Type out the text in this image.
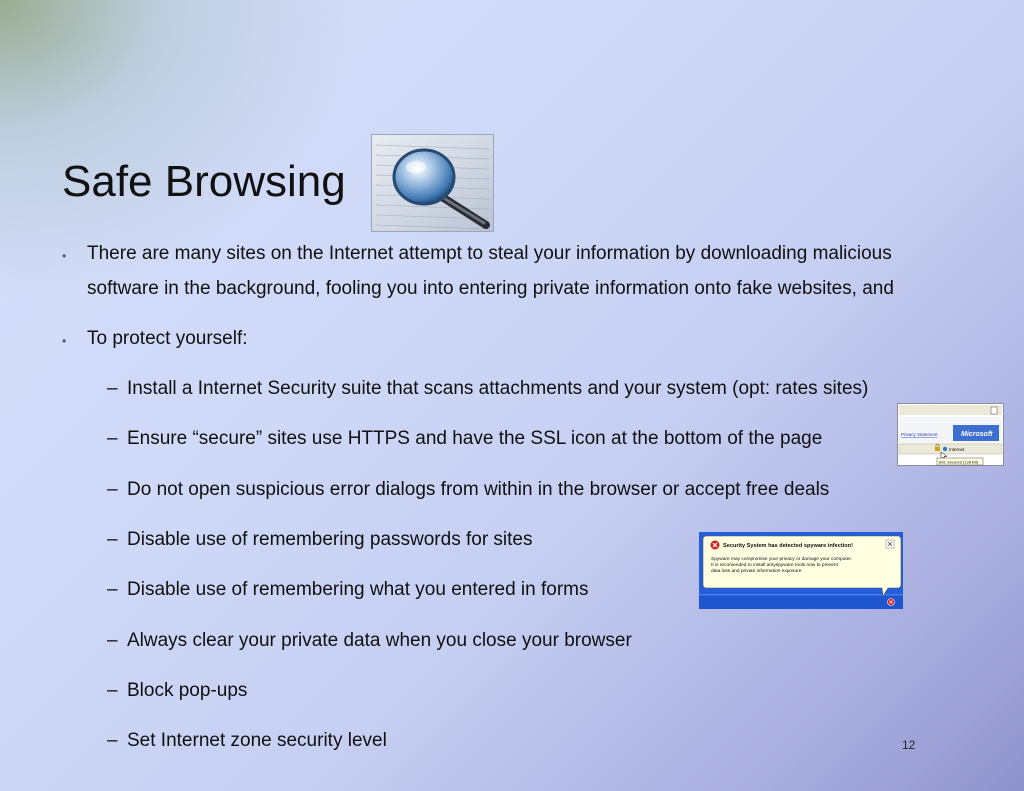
Safe Browsing
• There are many sites on the Internet attempt to steal your information by downloading malicious
software in the background, fooling you into entering private information onto fake websites, and
• To protect yourself:
– Install a Internet Security suite that scans attachments and your system (opt: rates sites)
– Ensure “secure” sites use HTTPS and have the SSL icon at the bottom of the page
– Do not open suspicious error dialogs from within in the browser or accept free deals
– Disable use of remembering passwords for sites
– Disable use of remembering what you entered in forms
– Always clear your private data when you close your browser
– Block pop-ups
– Set Internet zone security level
Privacy Statement	Microsoft
Internet
SSL Secured (128 Bit)
Security System has detected spyware infection!
Spyware may compromise your privacy or damage your computer.
It is recomended to install antyspyware tools now to prevent
data loss and private information exposure.
12
